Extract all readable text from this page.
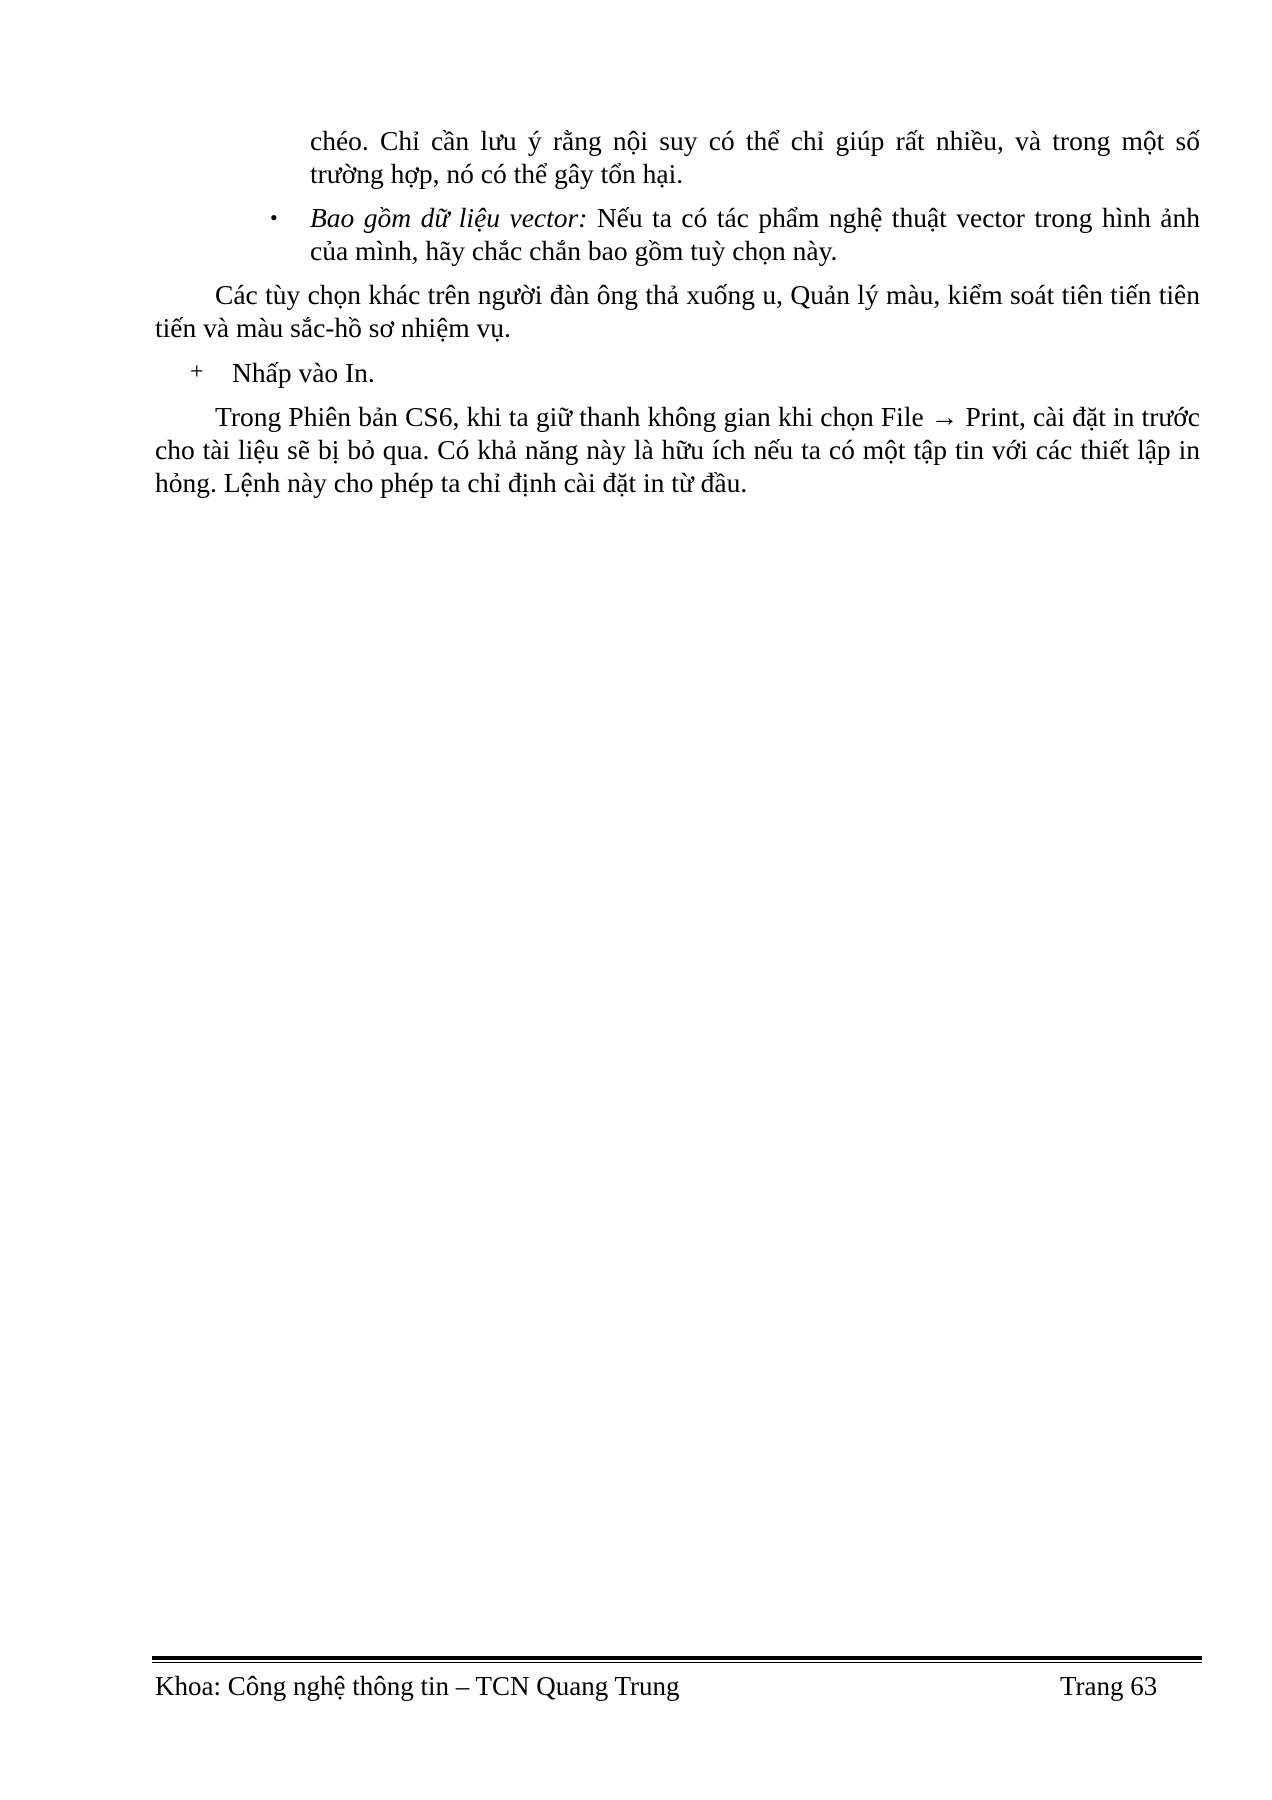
chéo. Chỉ cần lưu ý rằng nội suy có thể chỉ giúp rất nhiều, và trong một số trường hợp, nó có thể gây tổn hại.

•	Bao gồm dữ liệu vector: Nếu ta có tác phẩm nghệ thuật vector trong hình ảnh của mình, hãy chắc chắn bao gồm tuỳ chọn này.

Các tùy chọn khác trên người đàn ông thả xuống u, Quản lý màu, kiểm soát tiên tiến tiên tiến và màu sắc-hồ sơ nhiệm vụ.

+ Nhấp vào In.

Trong Phiên bản CS6, khi ta giữ thanh không gian khi chọn File → Print, cài đặt in trước cho tài liệu sẽ bị bỏ qua. Có khả năng này là hữu ích nếu ta có một tập tin với các thiết lập in hỏng. Lệnh này cho phép ta chỉ định cài đặt in từ đầu.

Khoa: Công nghệ thông tin – TCN Quang Trung	Trang 63
